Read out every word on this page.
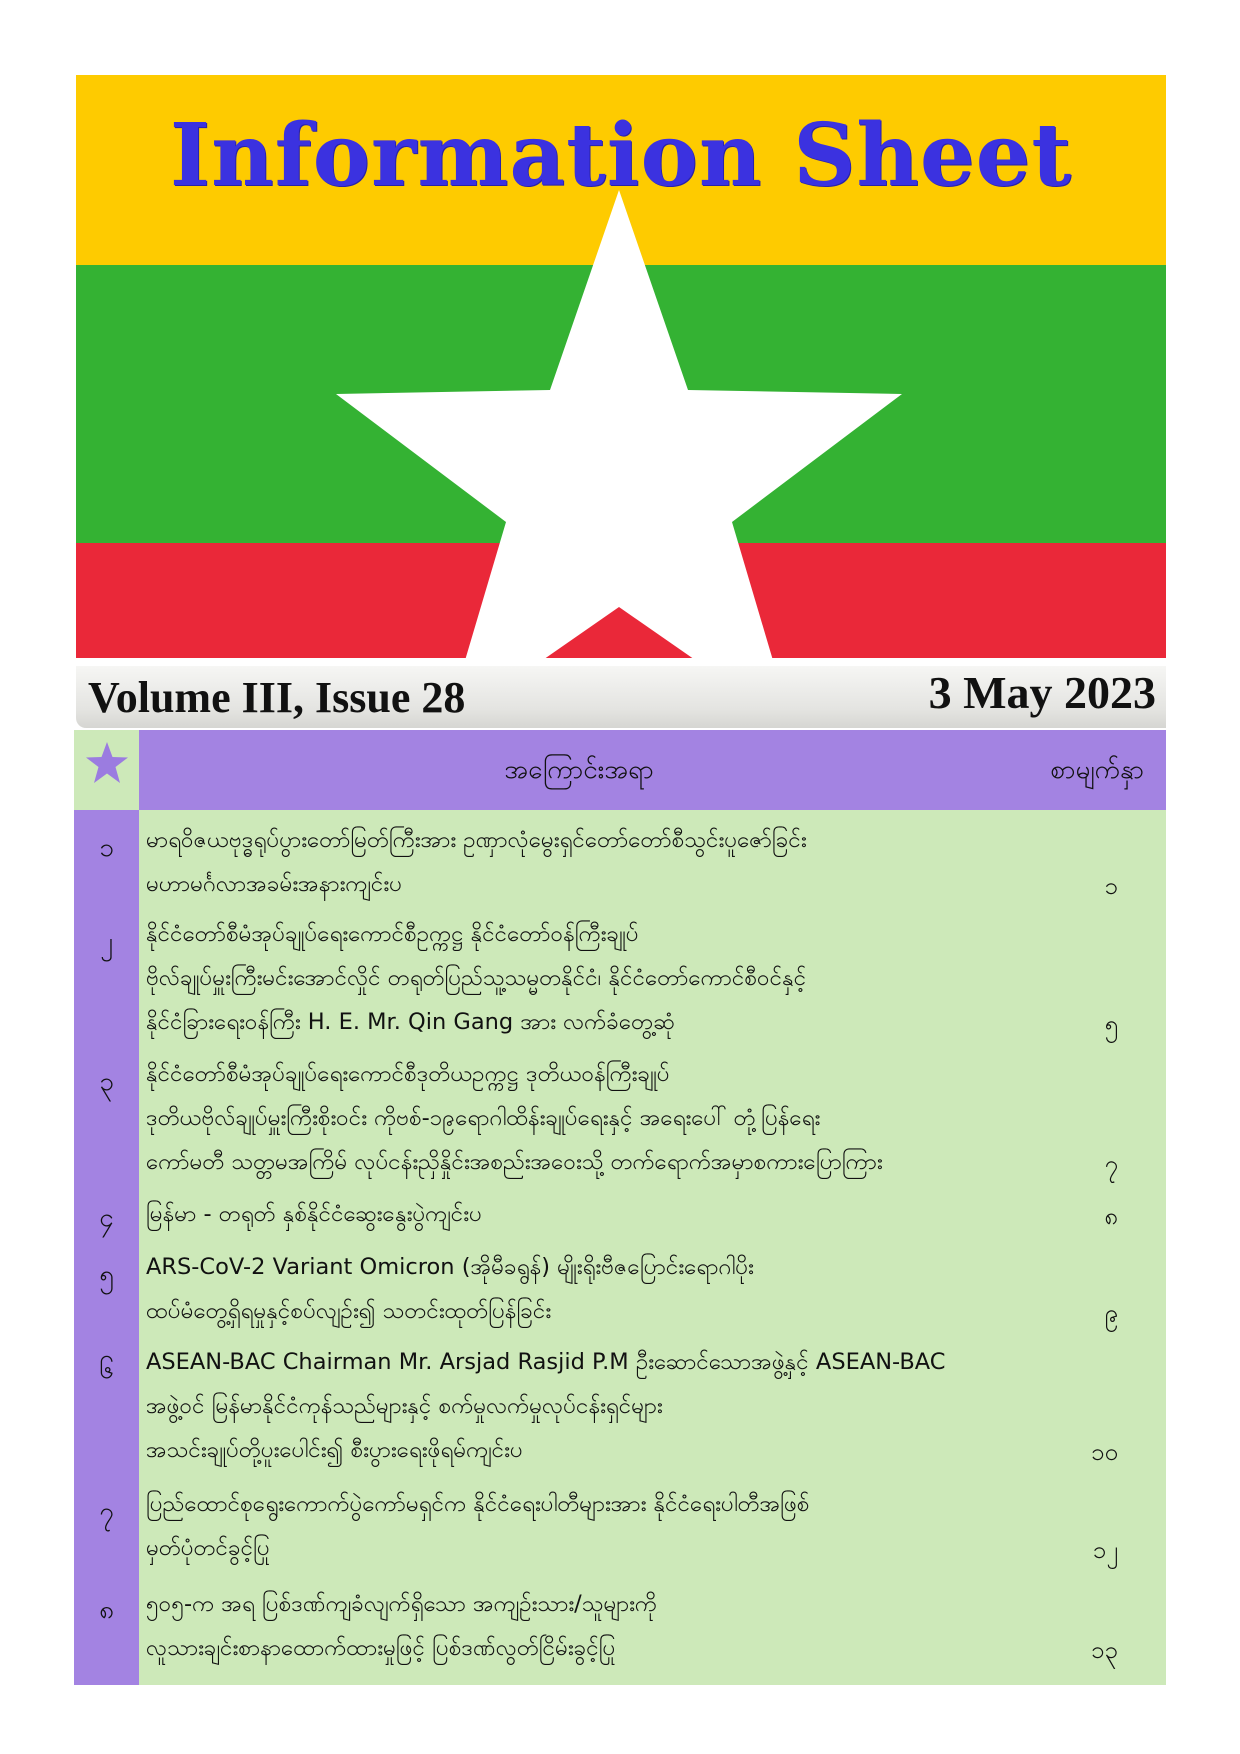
Information Sheet
Volume III, Issue 28	3 May 2023
အကြောင်းအရာ	စာမျက်နှာ
၁	မာရဝိဇယဗုဒ္ဓရုပ်ပွားတော်မြတ်ကြီးအား ဥဏှာလုံမွေးရှင်တော်တော်စီသွင်းပူဇော်ခြင်း
မဟာမင်္ဂလာအခမ်းအနားကျင်းပ	၁
၂	နိုင်ငံတော်စီမံအုပ်ချုပ်ရေးကောင်စီဥက္ကဋ္ဌ နိုင်ငံတော်ဝန်ကြီးချုပ်
ဗိုလ်ချုပ်မှူးကြီးမင်းအောင်လှိုင် တရုတ်ပြည်သူ့သမ္မတနိုင်ငံ၊ နိုင်ငံတော်ကောင်စီဝင်နှင့်
နိုင်ငံခြားရေးဝန်ကြီး H. E. Mr. Qin Gang အား လက်ခံတွေ့ဆုံ	၅
၃	နိုင်ငံတော်စီမံအုပ်ချုပ်ရေးကောင်စီဒုတိယဥက္ကဋ္ဌ ဒုတိယဝန်ကြီးချုပ်
ဒုတိယဗိုလ်ချုပ်မှူးကြီးစိုးဝင်း ကိုဗစ်-၁၉ရောဂါထိန်းချုပ်ရေးနှင့် အရေးပေါ် တုံ့ပြန်ရေး
ကော်မတီ သတ္တမအကြိမ် လုပ်ငန်းညှိနှိုင်းအစည်းအဝေးသို့ တက်ရောက်အမှာစကားပြောကြား	၇
၄	မြန်မာ - တရုတ် နှစ်နိုင်ငံဆွေးနွေးပွဲကျင်းပ	၈
၅	ARS-CoV-2 Variant Omicron (အိုမီခရွန်) မျိုးရိုးဗီဇပြောင်းရောဂါပိုး
ထပ်မံတွေ့ရှိရမှုနှင့်စပ်လျဉ်း၍ သတင်းထုတ်ပြန်ခြင်း	၉
၆	ASEAN-BAC Chairman Mr. Arsjad Rasjid P.M ဦးဆောင်သောအဖွဲ့နှင့် ASEAN-BAC
အဖွဲ့ဝင် မြန်မာနိုင်ငံကုန်သည်များနှင့် စက်မှုလက်မှုလုပ်ငန်းရှင်များ
အသင်းချုပ်တို့ပူးပေါင်း၍ စီးပွားရေးဖိုရမ်ကျင်းပ	၁၀
၇	ပြည်ထောင်စုရွေးကောက်ပွဲကော်မရှင်က နိုင်ငံရေးပါတီများအား နိုင်ငံရေးပါတီအဖြစ်
မှတ်ပုံတင်ခွင့်ပြု	၁၂
၈	၅၀၅-က အရ ပြစ်ဒဏ်ကျခံလျက်ရှိသော အကျဉ်းသား/သူများကို
လူသားချင်းစာနာထောက်ထားမှုဖြင့် ပြစ်ဒဏ်လွတ်ငြိမ်းခွင့်ပြု	၁၃
